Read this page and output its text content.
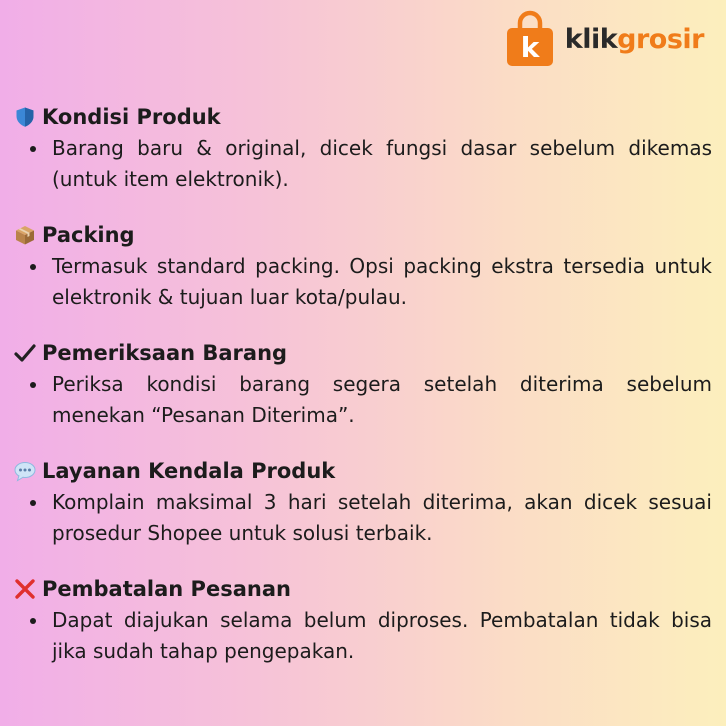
k klikgrosir
Kondisi Produk
Barang baru & original, dicek fungsi dasar sebelum dikemas (untuk item elektronik).
Packing
Termasuk standard packing. Opsi packing ekstra tersedia untuk elektronik & tujuan luar kota/pulau.
Pemeriksaan Barang
Periksa kondisi barang segera setelah diterima sebelum menekan “Pesanan Diterima”.
Layanan Kendala Produk
Komplain maksimal 3 hari setelah diterima, akan dicek sesuai prosedur Shopee untuk solusi terbaik.
Pembatalan Pesanan
Dapat diajukan selama belum diproses. Pembatalan tidak bisa jika sudah tahap pengepakan.
